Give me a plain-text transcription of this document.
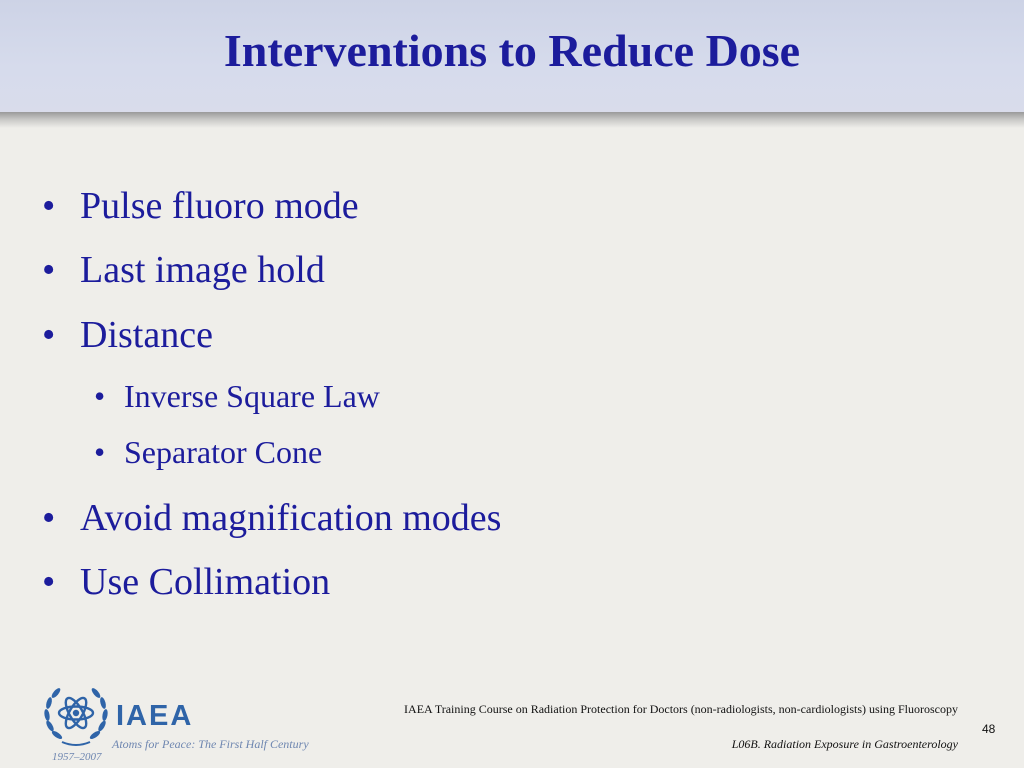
Interventions to Reduce Dose
• Pulse fluoro mode
• Last image hold
• Distance
• Inverse Square Law
• Separator Cone
• Avoid magnification modes
• Use Collimation
IAEA
Atoms for Peace: The First Half Century
1957–2007
IAEA Training Course on Radiation Protection for Doctors (non-radiologists, non-cardiologists) using Fluoroscopy
48
L06B. Radiation Exposure in Gastroenterology
